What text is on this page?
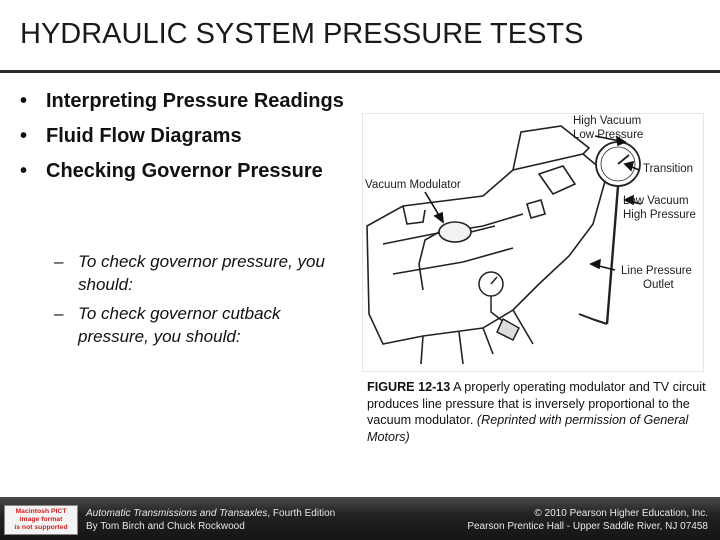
HYDRAULIC SYSTEM PRESSURE TESTS
• Interpreting Pressure Readings
• Fluid Flow Diagrams
• Checking Governor Pressure
– To check governor pressure, you should:
– To check governor cutback pressure, you should:
High Vacuum
Low Pressure
Transition
Vacuum Modulator
Low Vacuum
High Pressure
Line Pressure
Outlet
FIGURE 12-13 A properly operating modulator and TV circuit produces line pressure that is inversely proportional to the vacuum modulator. (Reprinted with permission of General Motors)
Macintosh PICT
image format
is not supported
Automatic Transmissions and Transaxles, Fourth Edition
By Tom Birch and Chuck Rockwood
© 2010 Pearson Higher Education, Inc.
Pearson Prentice Hall - Upper Saddle River, NJ 07458
